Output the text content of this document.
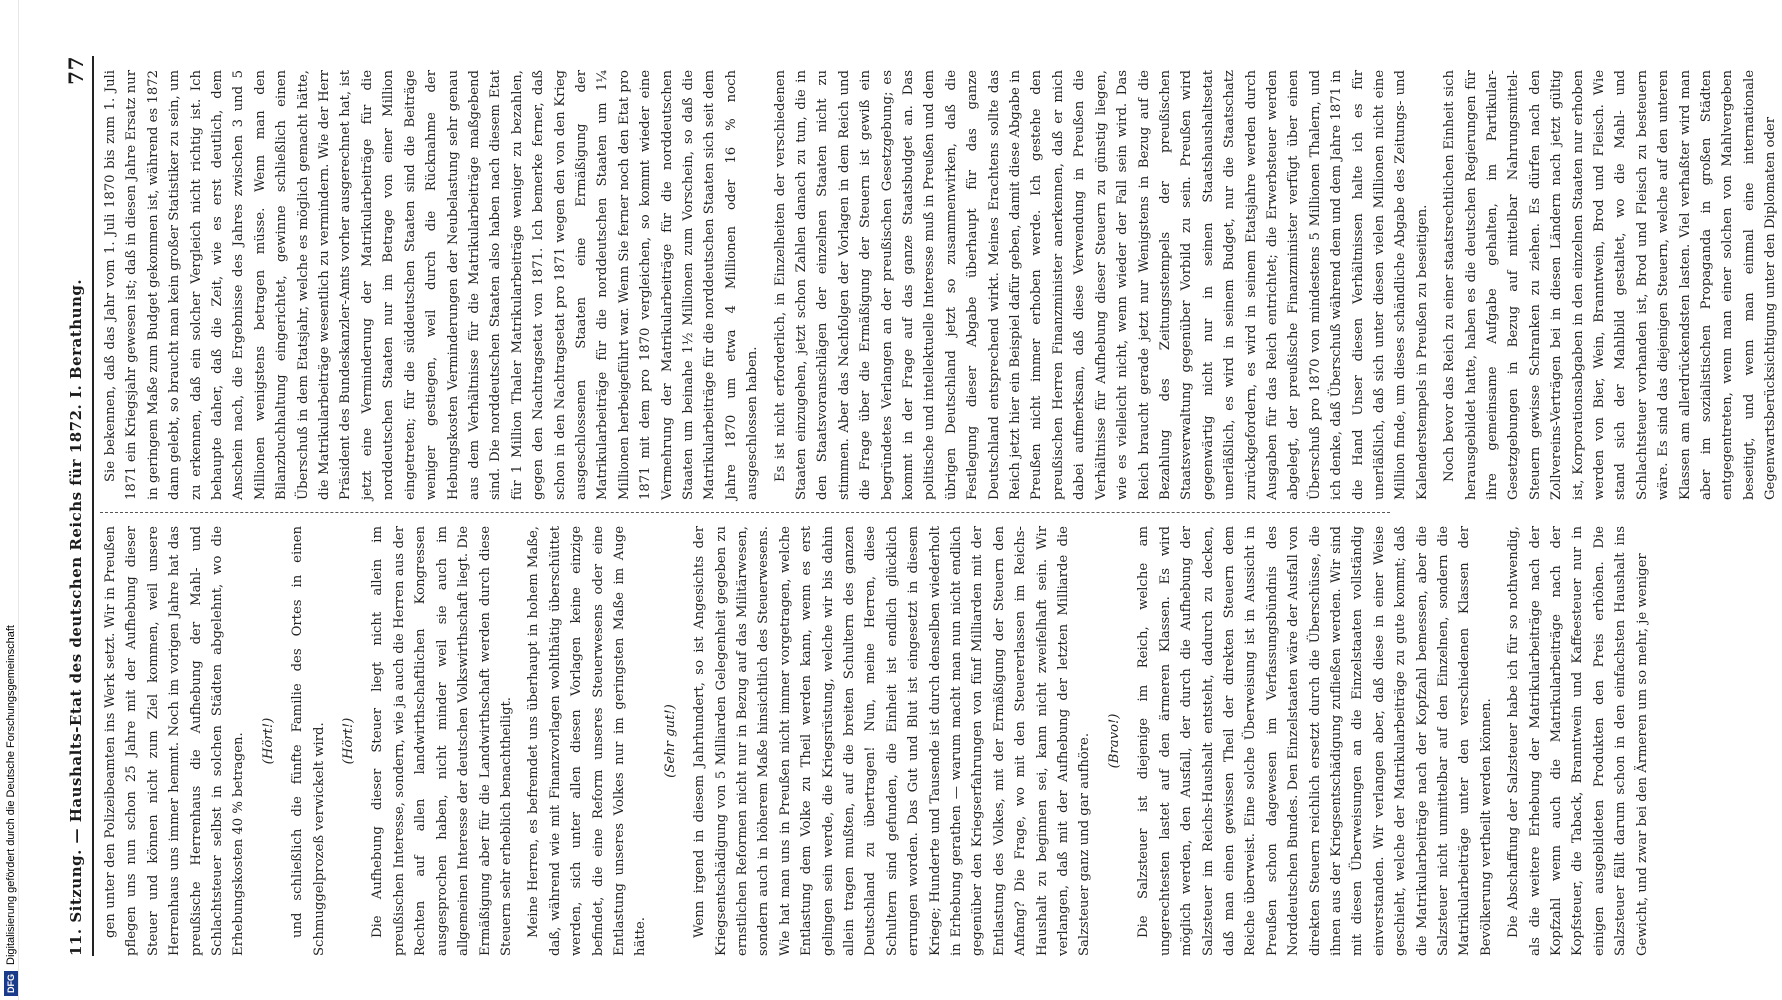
DFG
Digitalisierung gefördert durch die Deutsche Forschungsgemeinschaft	11. Sitzung. — Haushalts-Etat des deutschen Reichs für 1872. I. Berathung.
77

gen unter den Polizeibeamten ins Werk setzt. Wir in Preußen pflegen uns nun schon 25 Jahre mit der Aufhebung dieser Steuer und können nicht zum Ziel kommen, weil unsere Herrenhaus uns immer hemmt. Noch im vorigen Jahre hat das preußische Herrenhaus die Aufhebung der Mahl- und Schlachtsteuer selbst in solchen Städten abgelehnt, wo die Erhebungskosten 40 % betragen. (Hört!) und schließlich die fünfte Familie des Ortes in einen Schmuggelprozeß verwickelt wird. (Hört!) Die Aufhebung dieser Steuer liegt nicht allein im preußischen Interesse, sondern, wie ja auch die Herren aus der Rechten auf allen landwirthschaftlichen Kongressen ausgesprochen haben, nicht minder weil sie auch im allgemeinen Interesse der deutschen Volkswirthschaft liegt. Die Ermäßigung aber für die Landwirthschaft werden durch diese Steuern sehr erheblich benachtheiligt. Meine Herren, es befremdet uns überhaupt in hohem Maße, daß, während wie mit Finanzvorlagen wohlthätig überschüttet werden, sich unter allen diesen Vorlagen keine einzige befindet, die eine Reform unseres Steuerwesens oder eine Entlastung unseres Volkes nur im geringsten Maße im Auge hätte.

(Sehr gut!) Wenn irgend in diesem Jahrhundert, so ist Angesichts der Kriegsentschädigung von 5 Milliarden Gelegenheit gegeben zu ernstlichen Reformen nicht nur in Bezug auf das Militärwesen, sondern auch in höherem Maße hinsichtlich des Steuerwesens. Wie hat man uns in Preußen nicht immer vorgetragen, welche Entlastung dem Volke zu Theil werden kann, wenn es erst gelingen sein werde, die Kriegsrüstung, welche wir bis dahin allein tragen mußten, auf die breiten Schultern des ganzen Deutschland zu übertragen! Nun, meine Herren, diese Schultern sind gefunden, die Einheit ist endlich glücklich errungen worden. Das Gut und Blut ist eingesetzt in diesem Kriege; Hunderte und Tausende ist durch denselben wiederholt in Erhebung gerathen — warum macht man nun nicht endlich gegenüber den Kriegserfahrungen von fünf Milliarden mit der Entlastung des Volkes, mit der Ermäßigung der Steuern den Anfang? Die Frage, wo mit den Steuererlassen im Reichs-Haushalt zu beginnen sei, kann nicht zweifelhaft sein. Wir verlangen, daß mit der Aufhebung der letzten Milliarde die Salzsteuer ganz und gar aufhöre. (Bravo!) Die Salzsteuer ist diejenige im Reich, welche am ungerechtesten lastet auf den ärmeren Klassen. Es wird möglich werden, den Ausfall, der durch die Aufhebung der Salzsteuer im Reichs-Haushalt entsteht, dadurch zu decken, daß man einen gewissen Theil der direkten Steuern dem Reiche überweist. Eine solche Überweisung ist in Aussicht in Preußen schon dagewesen im Verfassungsbündnis des Norddeutschen Bundes. Den Einzelstaaten wäre der Ausfall von direkten Steuern reichlich ersetzt durch die Überschüsse, die ihnen aus der Kriegsentschädigung zufließen werden. Wir sind mit diesen Überweisungen an die Einzelstaaten vollständig einverstanden. Wir verlangen aber, daß diese in einer Weise geschieht, welche der Matrikularbeiträge zu gute kommt; daß die Matrikularbeiträge nach der Kopfzahl bemessen, aber die Salzsteuer nicht unmittelbar auf den Einzelnen, sondern die Matrikularbeiträge unter den verschiedenen Klassen der Bevölkerung vertheilt werden können. Die Abschaffung der Salzsteuer habe ich für so nothwendig, als die weitere Erhebung der Matrikularbeiträge nach der Kopfzahl wenn auch die Matrikularbeiträge nach der Kopfsteuer, die Taback, Branntwein und Kaffeesteuer nur in einigen ausgebildeten Produkten den Preis erhöhen. Die Salzsteuer fällt darum schon in den einfachsten Haushalt ins Gewicht, und zwar bei den Ärmeren um so mehr, je weniger

Sie bekennen, daß das Jahr vom 1. Juli 1870 bis zum 1. Juli 1871 ein Kriegsjahr gewesen ist; daß in diesen Jahre Ersatz nur in geringem Maße zum Budget gekommen ist, während es 1872 dann gelebt, so braucht man kein großer Statistiker zu sein, um zu erkennen, daß ein solcher Vergleich nicht richtig ist. Ich behaupte daher, daß die Zeit, wie es erst deutlich, dem Anschein nach, die Ergebnisse des Jahres zwischen 3 und 5 Millionen wenigstens betragen müsse. Wenn man den Bilanzbuchhaltung eingerichtet, gewinne schließlich einen Überschuß in dem Etatsjahr, welche es möglich gemacht hätte, die Matrikularbeiträge wesentlich zu vermindern. Wie der Herr Präsident des Bundeskanzler-Amts vorher ausgerechnet hat, ist jetzt eine Verminderung der Matrikularbeiträge für die norddeutschen Staaten nur im Betrage von einer Million eingetreten; für die süddeutschen Staaten sind die Beiträge weniger gestiegen, weil durch die Rücknahme der Hebungskosten Verminderungen der Neubelastung sehr genau aus dem Verhältnisse für die Matrikularbeiträge maßgebend sind. Die norddeutschen Staaten also haben nach diesem Etat für 1 Million Thaler Matrikularbeiträge weniger zu bezahlen, gegen den Nachtragsetat von 1871. Ich bemerke ferner, daß schon in den Nachtragsetat pro 1871 wegen den von den Krieg ausgeschlossenen Staaten eine Ermäßigung der Matrikularbeiträge für die norddeutschen Staaten um 1¼ Millionen herbeigeführt war. Wenn Sie ferner noch den Etat pro 1871 mit dem pro 1870 vergleichen, so kommt wieder eine Vermehrung der Matrikularbeiträge für die norddeutschen Staaten um beinahe 1½ Millionen zum Vorschein, so daß die Matrikularbeiträge für die norddeutschen Staaten sich seit dem Jahre 1870 um etwa 4 Millionen oder 16 % noch ausgeschlossen haben. Es ist nicht erforderlich, in Einzelheiten der verschiedenen Staaten einzugehen, jetzt schon Zahlen danach zu tun, die in den Staatsvoranschlägen der einzelnen Staaten nicht zu stimmen. Aber das Nachfolgen der Vorlagen in dem Reich und die Frage über die Ermäßigung der Steuern ist gewiß ein begründetes Verlangen an der preußischen Gesetzgebung; es kommt in der Frage auf das ganze Staatsbudget an. Das politische und intellektuelle Interesse muß in Preußen und dem übrigen Deutschland jetzt so zusammenwirken, daß die Festlegung dieser Abgabe überhaupt für das ganze Deutschland entsprechend wirkt. Meines Erachtens sollte das Reich jetzt hier ein Beispiel dafür geben, damit diese Abgabe in Preußen nicht immer erhoben werde. Ich gestehe den preußischen Herren Finanzminister anerkennen, daß er mich dabei aufmerksam, daß diese Verwendung in Preußen die Verhältnisse für Aufhebung dieser Steuern zu günstig liegen, wie es vielleicht nicht, wenn wieder der Fall sein wird. Das Reich braucht gerade jetzt nur Wenigstens in Bezug auf die Bezahlung des Zeitungsstempels der preußischen Staatsverwaltung gegenüber Vorbild zu sein. Preußen wird gegenwärtig nicht nur in seinen Staatshaushaltsetat unerläßlich, es wird in seinem Budget, nur die Staatschatz zurückgefordern, es wird in seinem Etatsjahre werden durch Ausgaben für das Reich entrichtet; die Erwerbsteuer werden abgelegt, der preußische Finanzminister verfügt über einen Überschuß pro 1870 von mindestens 5 Millionen Thalern, und ich denke, daß Überschuß während dem und dem Jahre 1871 in die Hand Unser diesen Verhältnissen halte ich es für unerläßlich, daß sich unter diesen vielen Millionen nicht eine Million finde, um dieses schändliche Abgabe des Zeitungs- und Kalenderstempels in Preußen zu beseitigen. Noch bevor das Reich zu einer staatsrechtlichen Einheit sich herausgebildet hatte, haben es die deutschen Regierungen für ihre gemeinsame Aufgabe gehalten, im Partikular-Gesetzgebungen in Bezug auf mittelbar Nahrungsmittel-Steuern gewisse Schranken zu ziehen. Es dürfen nach den Zollvereins-Verträgen bei in diesen Ländern nach jetzt gültig ist, Korporationsabgaben in den einzelnen Staaten nur erhoben werden von Bier, Wein, Branntwein, Brod und Fleisch. Wie stand sich der Mahlbild gestaltet, wo die Mahl- und Schlachtsteuer vorhanden ist, Brod und Fleisch zu besteuern wäre. Es sind das diejenigen Steuern, welche auf den unteren Klassen am allerdrückendsten lasten. Viel verhaßter wird man aber im sozialistischen Propaganda in großen Städten entgegentreten, wenn man einer solchen von Mahlvergeben beseitigt, und wenn man einmal eine internationale Gegenwartsberücksichtigung unter den Diplomaten oder
